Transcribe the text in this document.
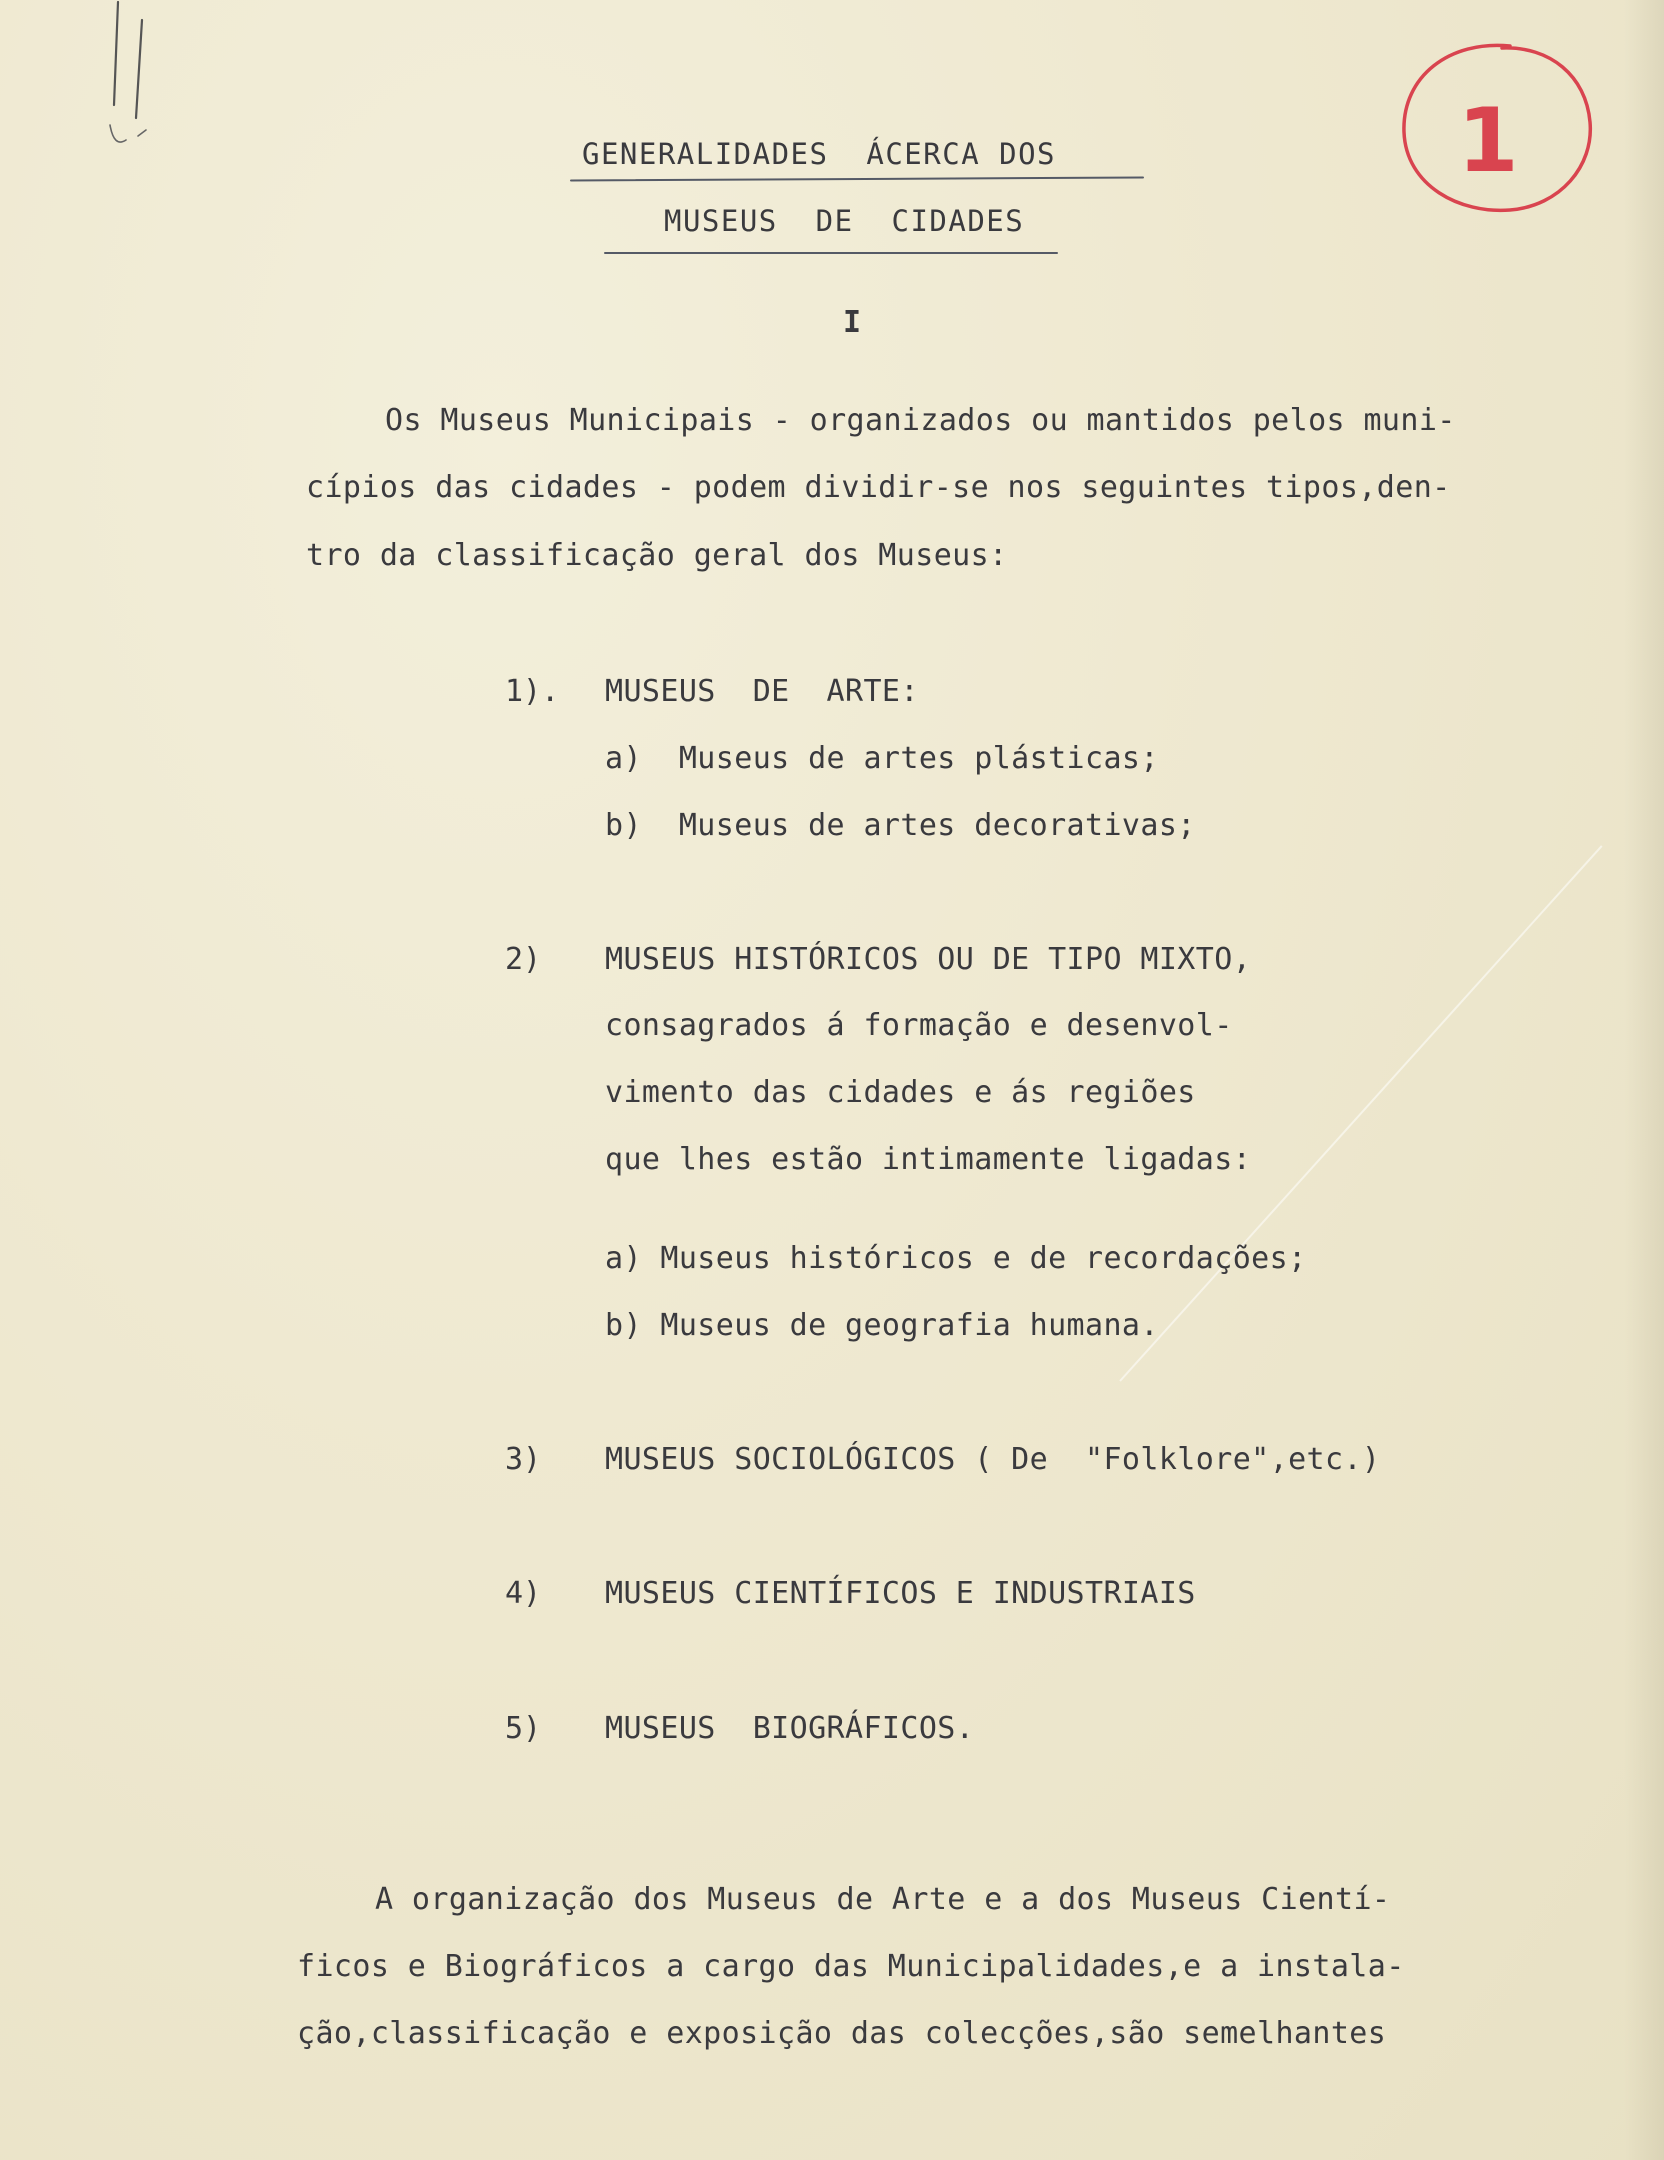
1

GENERALIDADES  ÁCERCA DOS

MUSEUS  DE  CIDADES

I

Os Museus Municipais - organizados ou mantidos pelos muni-

cípios das cidades - podem dividir-se nos seguintes tipos,den-

tro da classificação geral dos Museus:

1). MUSEUS  DE  ARTE:

a)  Museus de artes plásticas;

b)  Museus de artes decorativas;

2) MUSEUS HISTÓRICOS OU DE TIPO MIXTO,

consagrados á formação e desenvol-

vimento das cidades e ás regiões

que lhes estão intimamente ligadas:

a) Museus históricos e de recordações;

b) Museus de geografia humana.

3) MUSEUS SOCIOLÓGICOS ( De  "Folklore",etc.)

4) MUSEUS CIENTÍFICOS E INDUSTRIAIS

5) MUSEUS  BIOGRÁFICOS.

A organização dos Museus de Arte e a dos Museus Cientí-

ficos e Biográficos a cargo das Municipalidades,e a instala-

ção,classificação e exposição das colecções,são semelhantes
